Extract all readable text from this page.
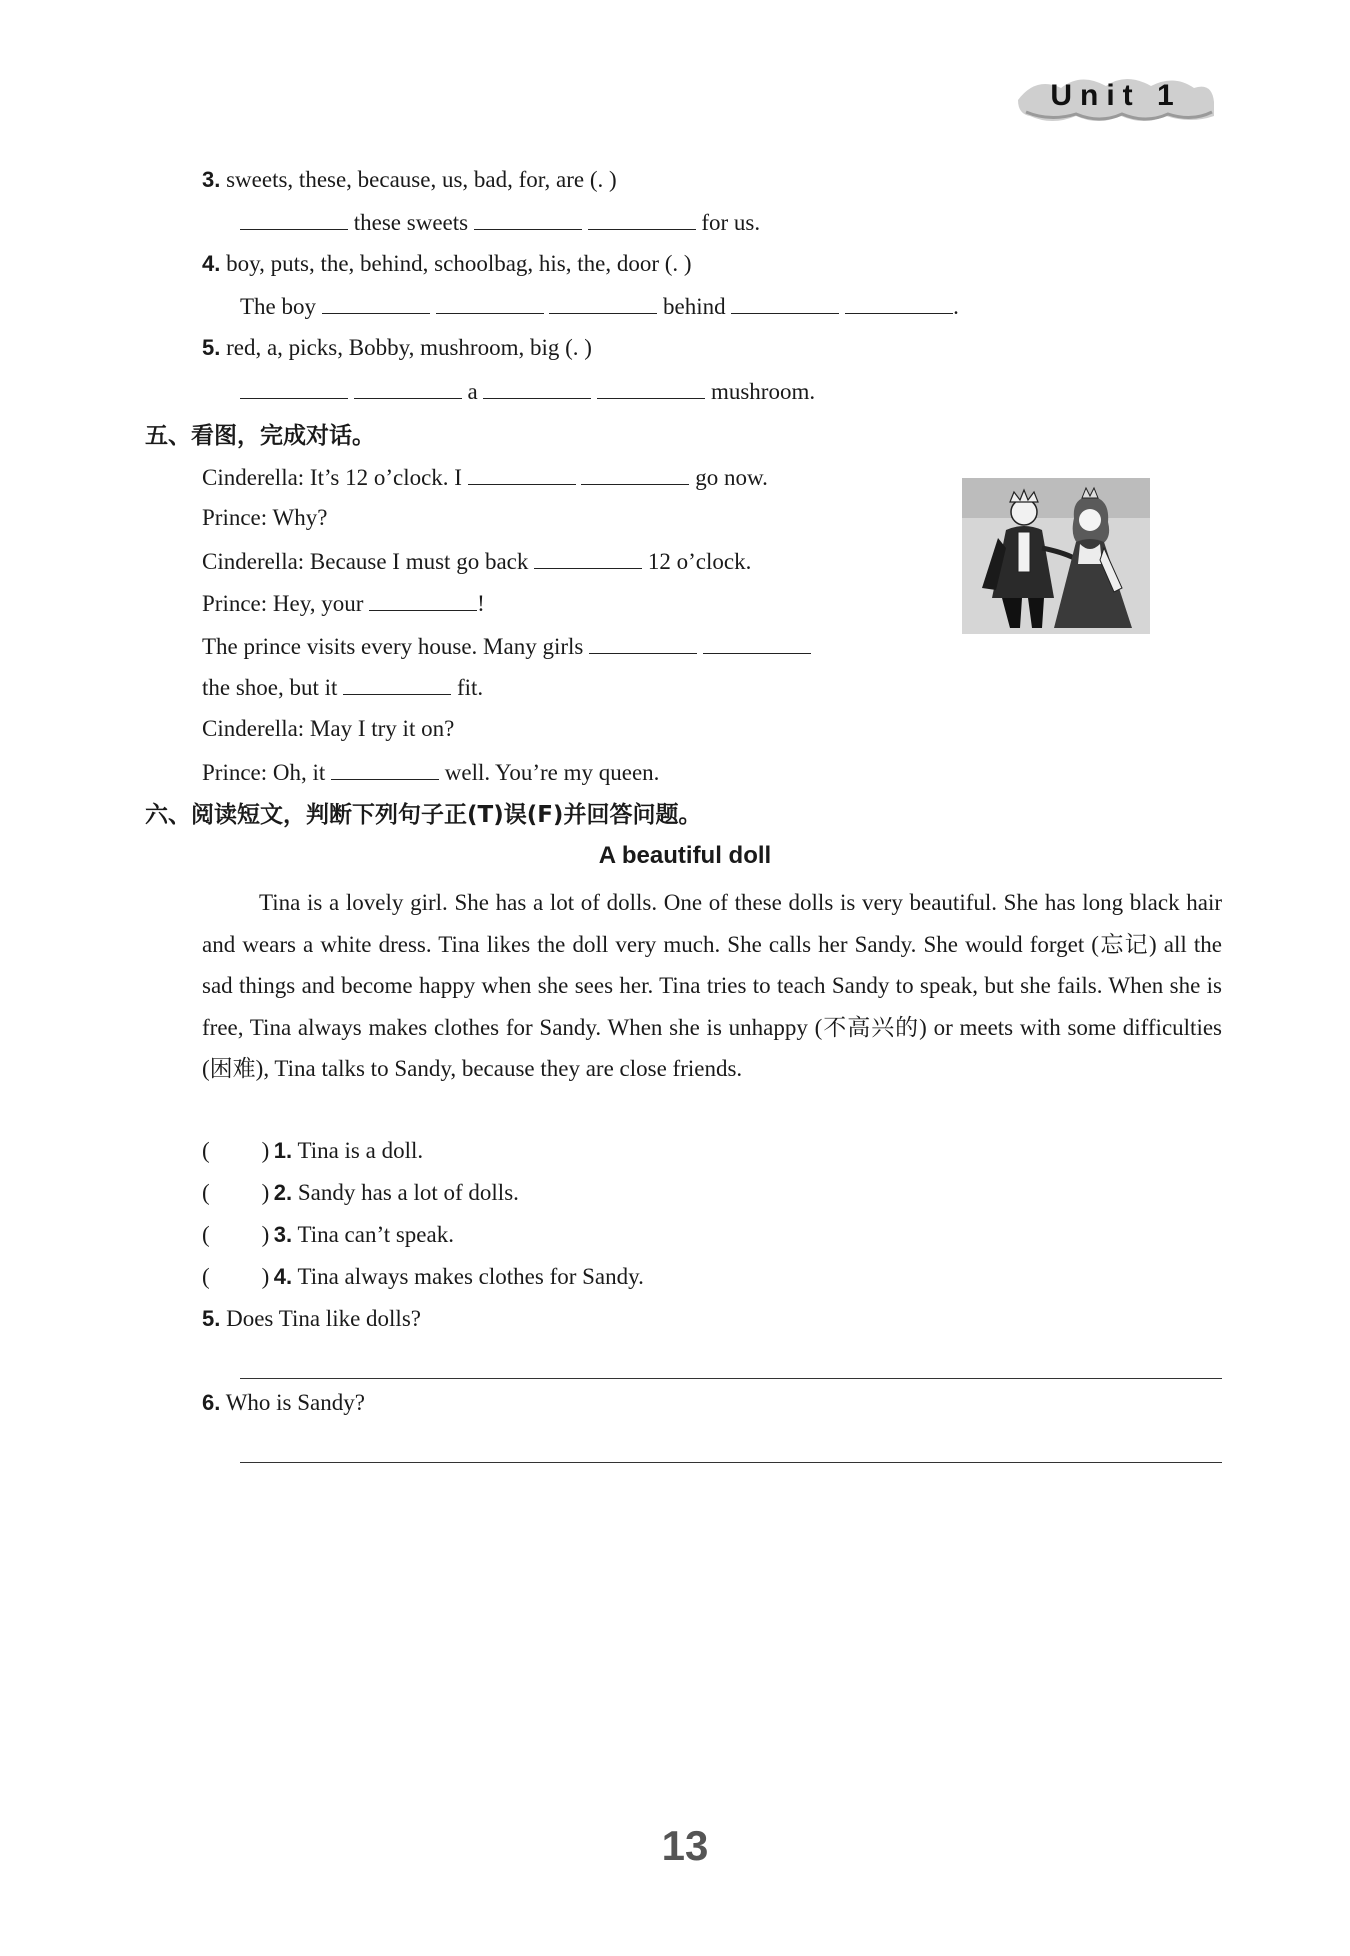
Unit 1
3. sweets, these, because, us, bad, for, are (. )
these sweets	for us.
4. boy, puts, the, behind, schoolbag, his, the, door (. )
The boy	behind	.
5. red, a, picks, Bobby, mushroom, big (. )
a	mushroom.
五、看图，完成对话。
Cinderella: It’s 12 o’clock. I	go now.
Prince: Why?
Cinderella: Because I must go back	12 o’clock.
Prince: Hey, your	!
The prince visits every house. Many girls
the shoe, but it	fit.
Cinderella: May I try it on?
Prince: Oh, it	well. You’re my queen.
六、阅读短文，判断下列句子正(T)误(F)并回答问题。
A beautiful doll
Tina is a lovely girl. She has a lot of dolls. One of these dolls is very beautiful. She has long black hair and wears a white dress. Tina likes the doll very much. She calls her Sandy. She would forget (忘记) all the sad things and become happy when she sees her. Tina tries to teach Sandy to speak, but she fails. When she is free, Tina always makes clothes for Sandy. When she is unhappy (不高兴的) or meets with some difficulties (困难), Tina talks to Sandy, because they are close friends.
( ) 1. Tina is a doll.
( ) 2. Sandy has a lot of dolls.
( ) 3. Tina can’t speak.
( ) 4. Tina always makes clothes for Sandy.
5. Does Tina like dolls?
6. Who is Sandy?
13
